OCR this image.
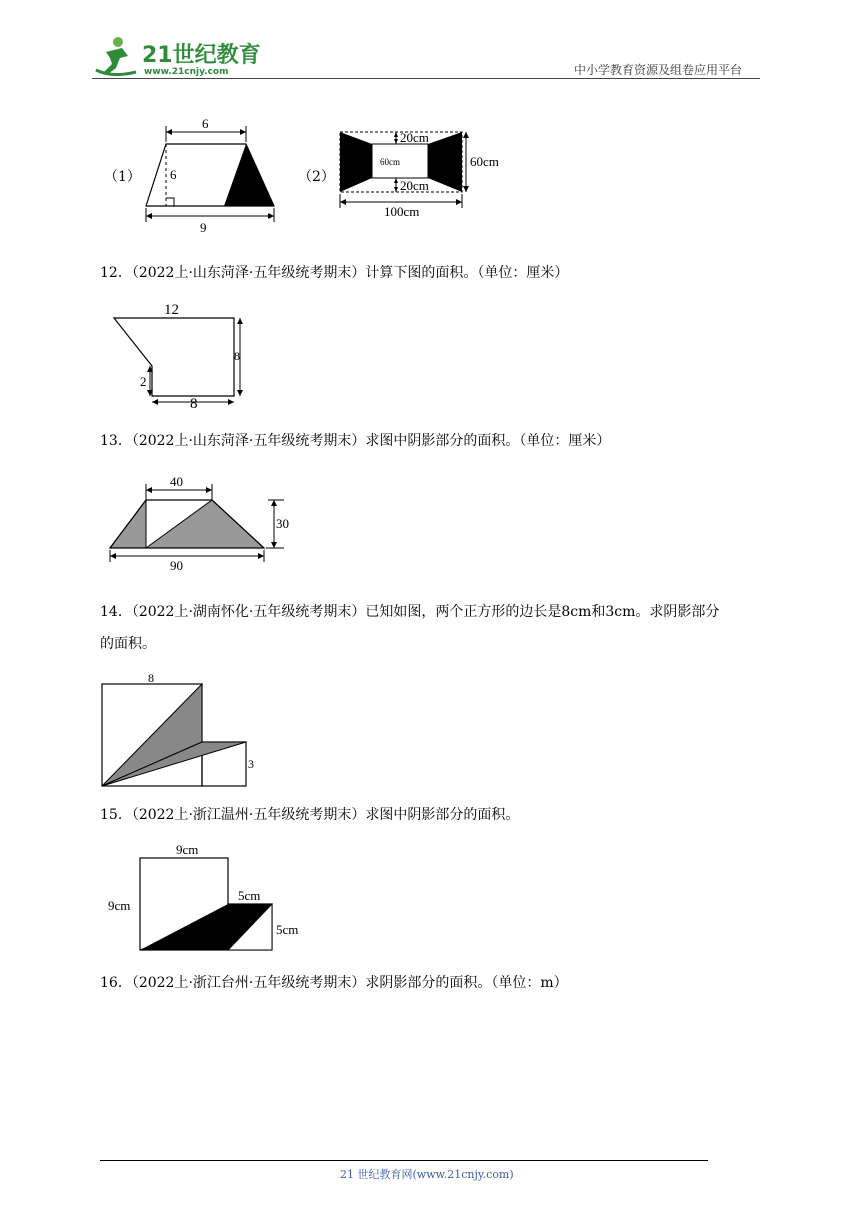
21世纪教育
www.21cnjy.com	中小学教育资源及组卷应用平台
（1）
6
6
9
（2）
60cm
20cm
20cm
60cm
100cm
12．（2022上·山东菏泽·五年级统考期末）计算下图的面积。（单位：厘米）
12
8
2
8
13．（2022上·山东菏泽·五年级统考期末）求图中阴影部分的面积。（单位：厘米）
40
30
90
14．（2022上·湖南怀化·五年级统考期末）已知如图，两个正方形的边长是8cm和3cm。求阴影部分
的面积。
8
3
15．（2022上·浙江温州·五年级统考期末）求图中阴影部分的面积。
9cm
9cm
5cm
5cm
16．（2022上·浙江台州·五年级统考期末）求阴影部分的面积。（单位：m）
21 世纪教育网(www.21cnjy.com)
